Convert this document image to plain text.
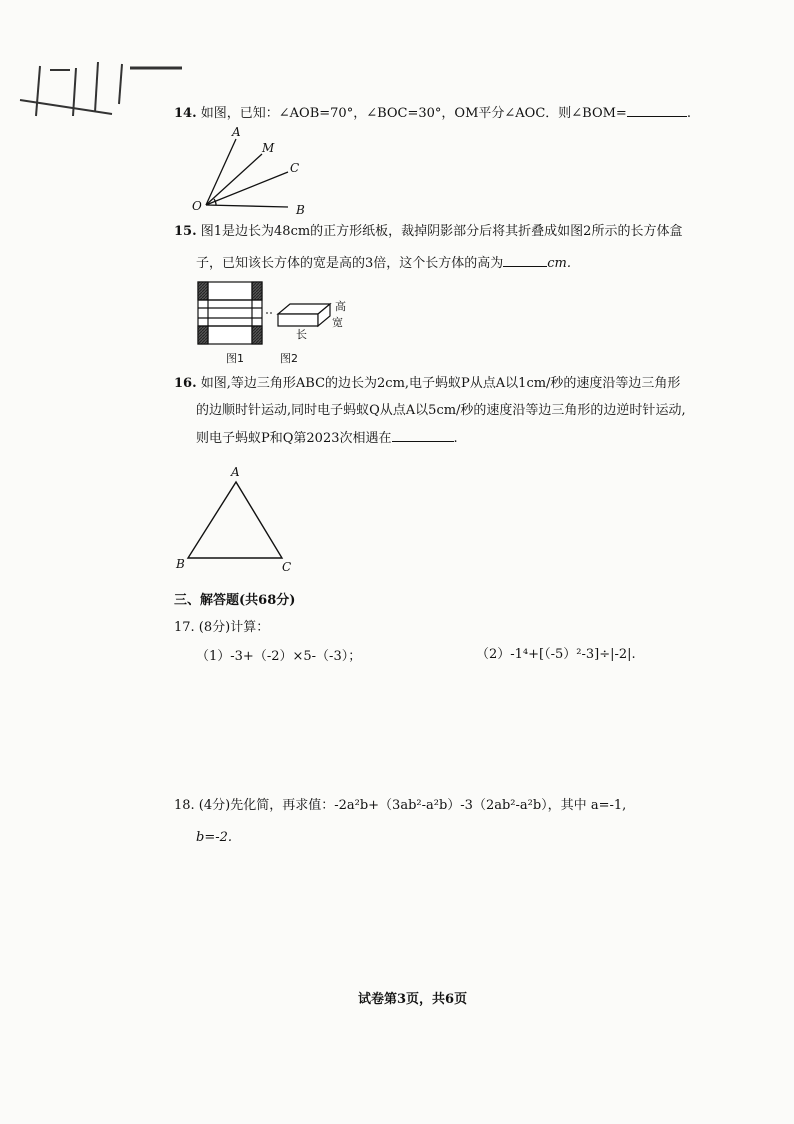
14. 如图，已知：∠AOB=70°，∠BOC=30°，OM平分∠AOC．则∠BOM=	.
A
M
C
O	B
15. 图1是边长为48cm的正方形纸板，裁掉阴影部分后将其折叠成如图2所示的长方体盒
子，已知该长方体的宽是高的3倍，这个长方体的高为	cm.
高
宽
长
图1	图2
16. 如图,等边三角形ABC的边长为2cm,电子蚂蚁P从点A以1cm/秒的速度沿等边三角形
的边顺时针运动,同时电子蚂蚁Q从点A以5cm/秒的速度沿等边三角形的边逆时针运动,
则电子蚂蚁P和Q第2023次相遇在	.
A
B	C
三、解答题(共68分)
17. (8分)计算：
（1）-3+（-2）×5-（-3）；	（2）-1⁴+[（-5）²-3]÷|-2|.
18. (4分)先化简，再求值：-2a²b+（3ab²-a²b）-3（2ab²-a²b），其中 a=-1,
b=-2.
试卷第3页，共6页
